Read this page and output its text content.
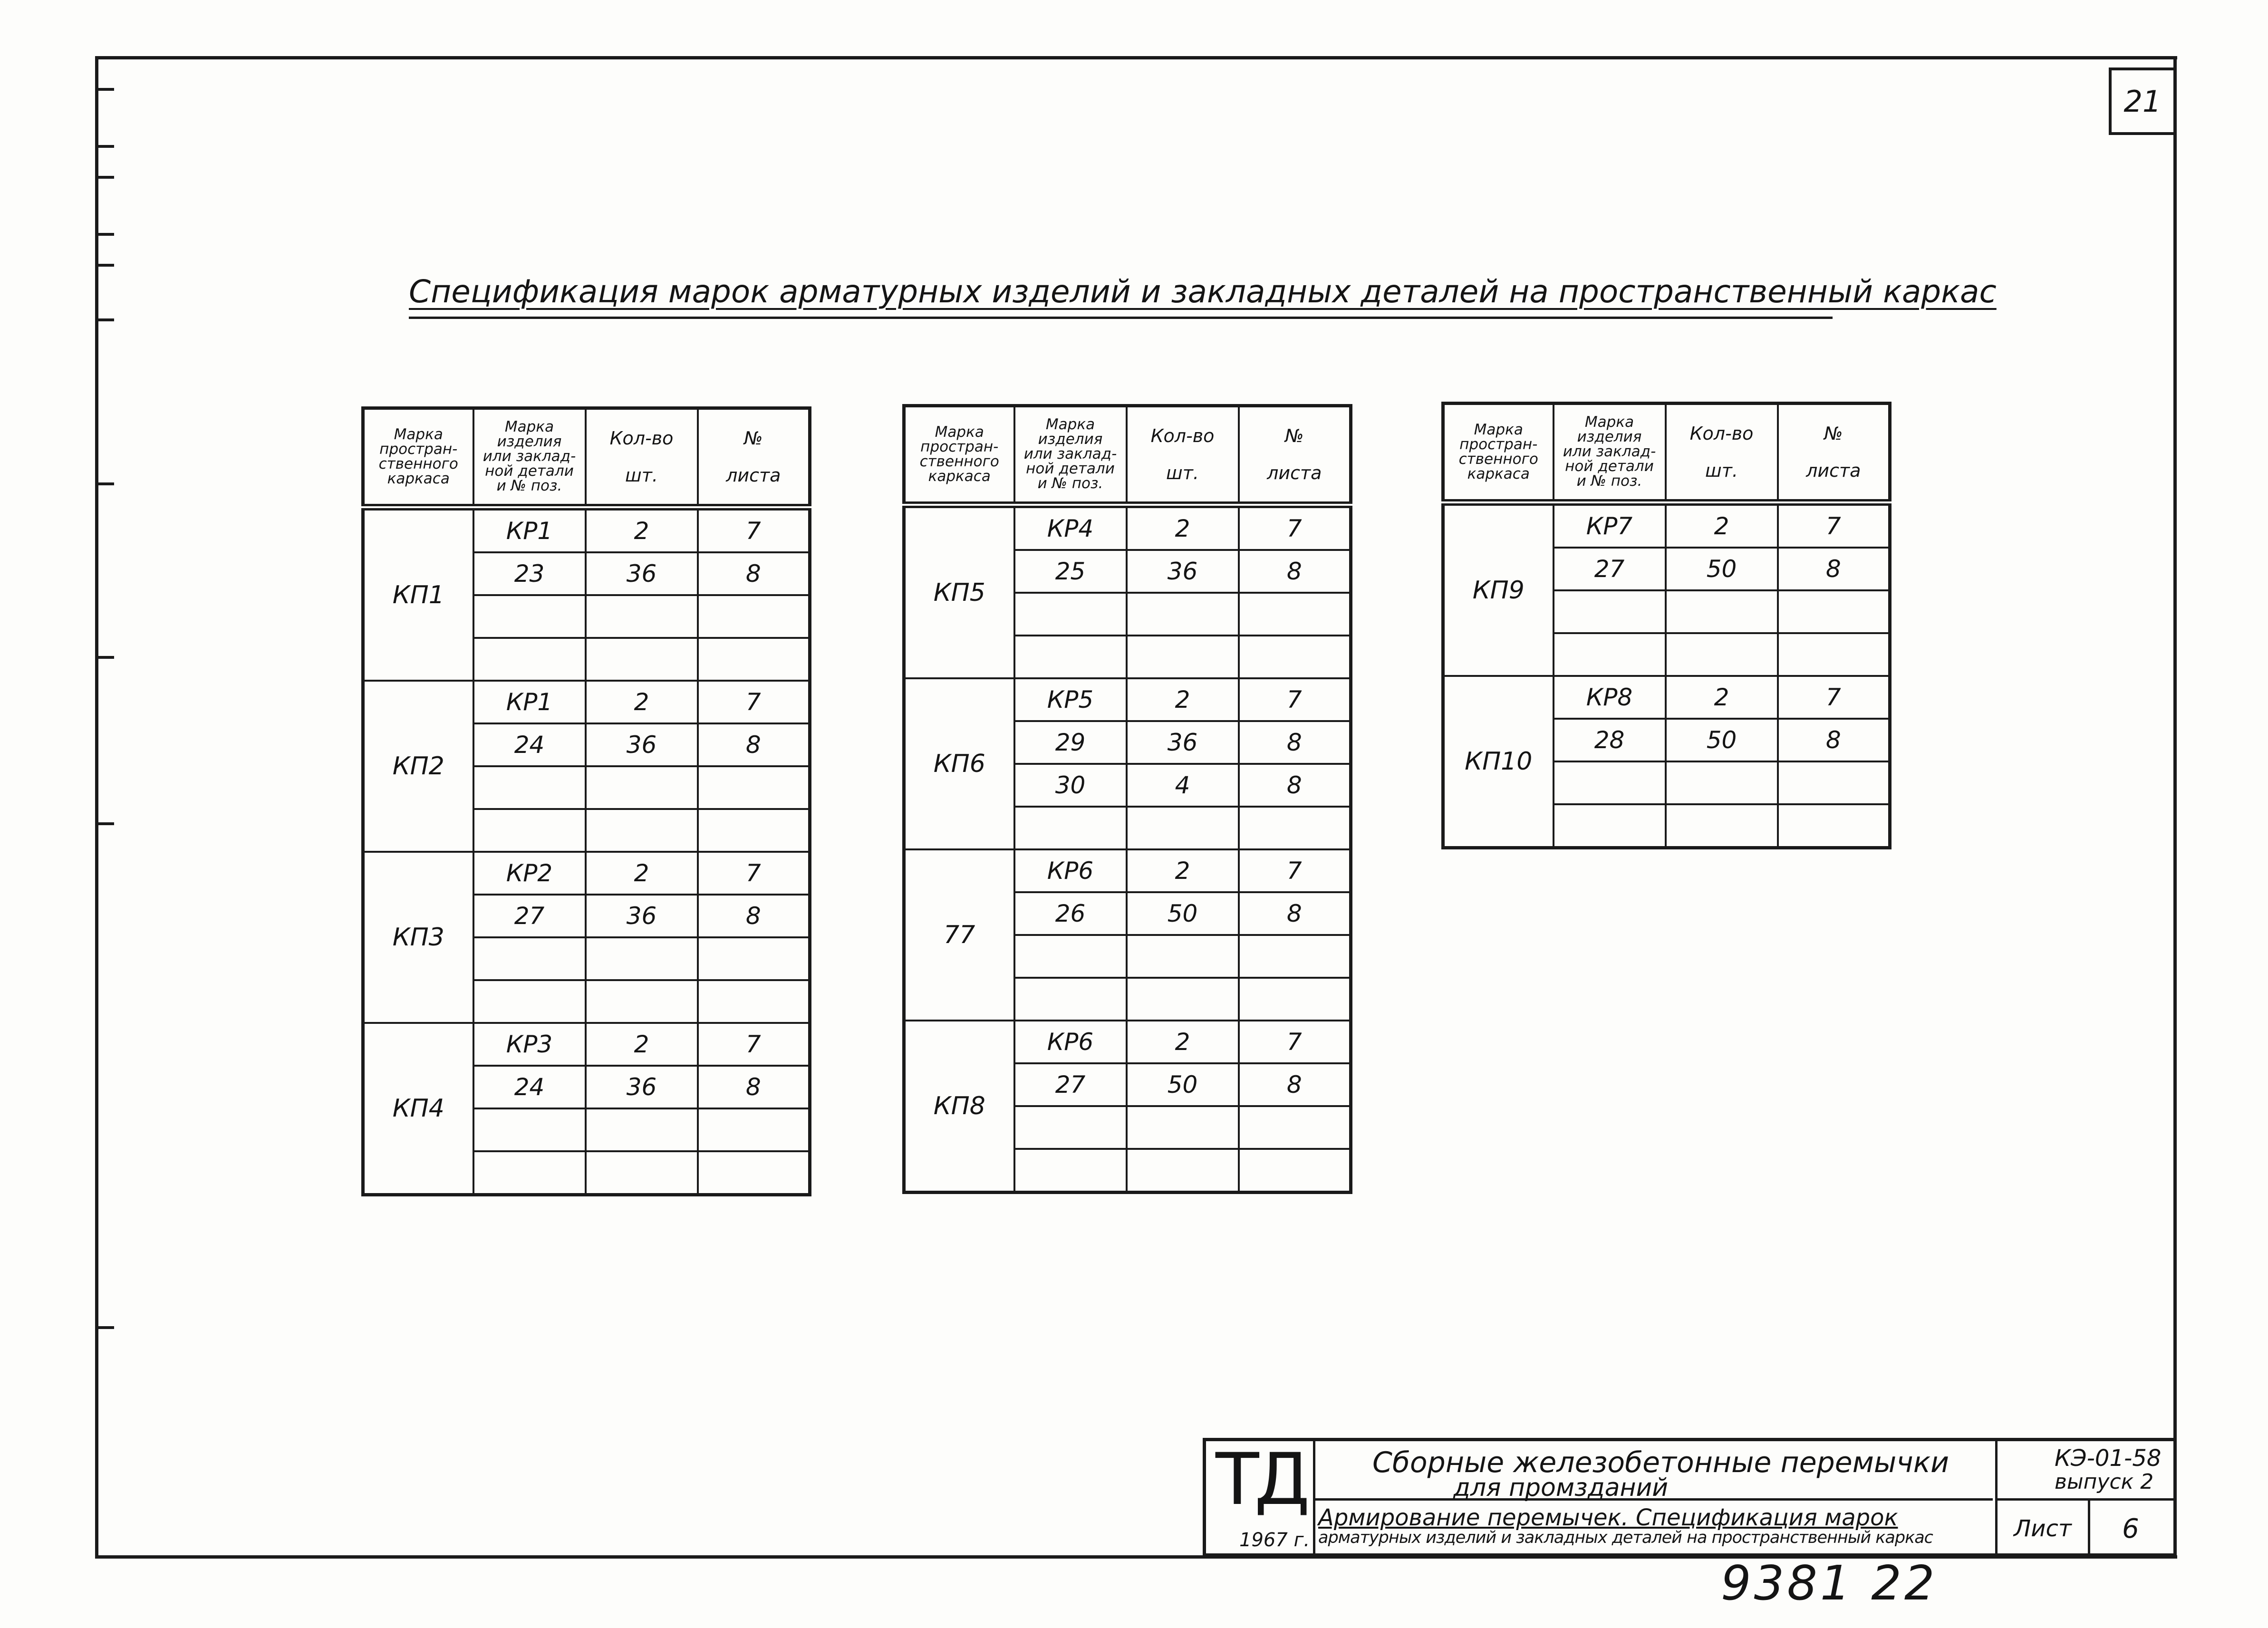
21
Спецификация марок арматурных изделий и закладных деталей на пространственный каркас
Марка
простран-
ственного
каркаса	Марка
изделия
или заклад-
ной детали
и № поз.	Кол-во
шт.	№
листа

КП1	КР1	2	7
	23	36	8

КП2	КР1	2	7
	24	36	8

КП3	КР2	2	7
	27	36	8

КП4	КР3	2	7
	24	36	8

Марка
простран-
ственного
каркаса	Марка
изделия
или заклад-
ной детали
и № поз.	Кол-во
шт.	№
листа

КП5	КР4	2	7
	25	36	8

КП6	КР5	2	7
	29	36	8
	30	4	8

77	КР6	2	7
	26	50	8

КП8	КР6	2	7
	27	50	8

Марка
простран-
ственного
каркаса	Марка
изделия
или заклад-
ной детали
и № поз.	Кол-во
шт.	№
листа

КП9	КР7	2	7
	27	50	8

КП10	КР8	2	7
	28	50	8

ТД
1967 г.
Сборные железобетонные перемычки
для промзданий
Армирование перемычек. Спецификация марок
арматурных изделий и закладных деталей на пространственный каркас
КЭ-01-58
выпуск 2
Лист	6
9381 22
